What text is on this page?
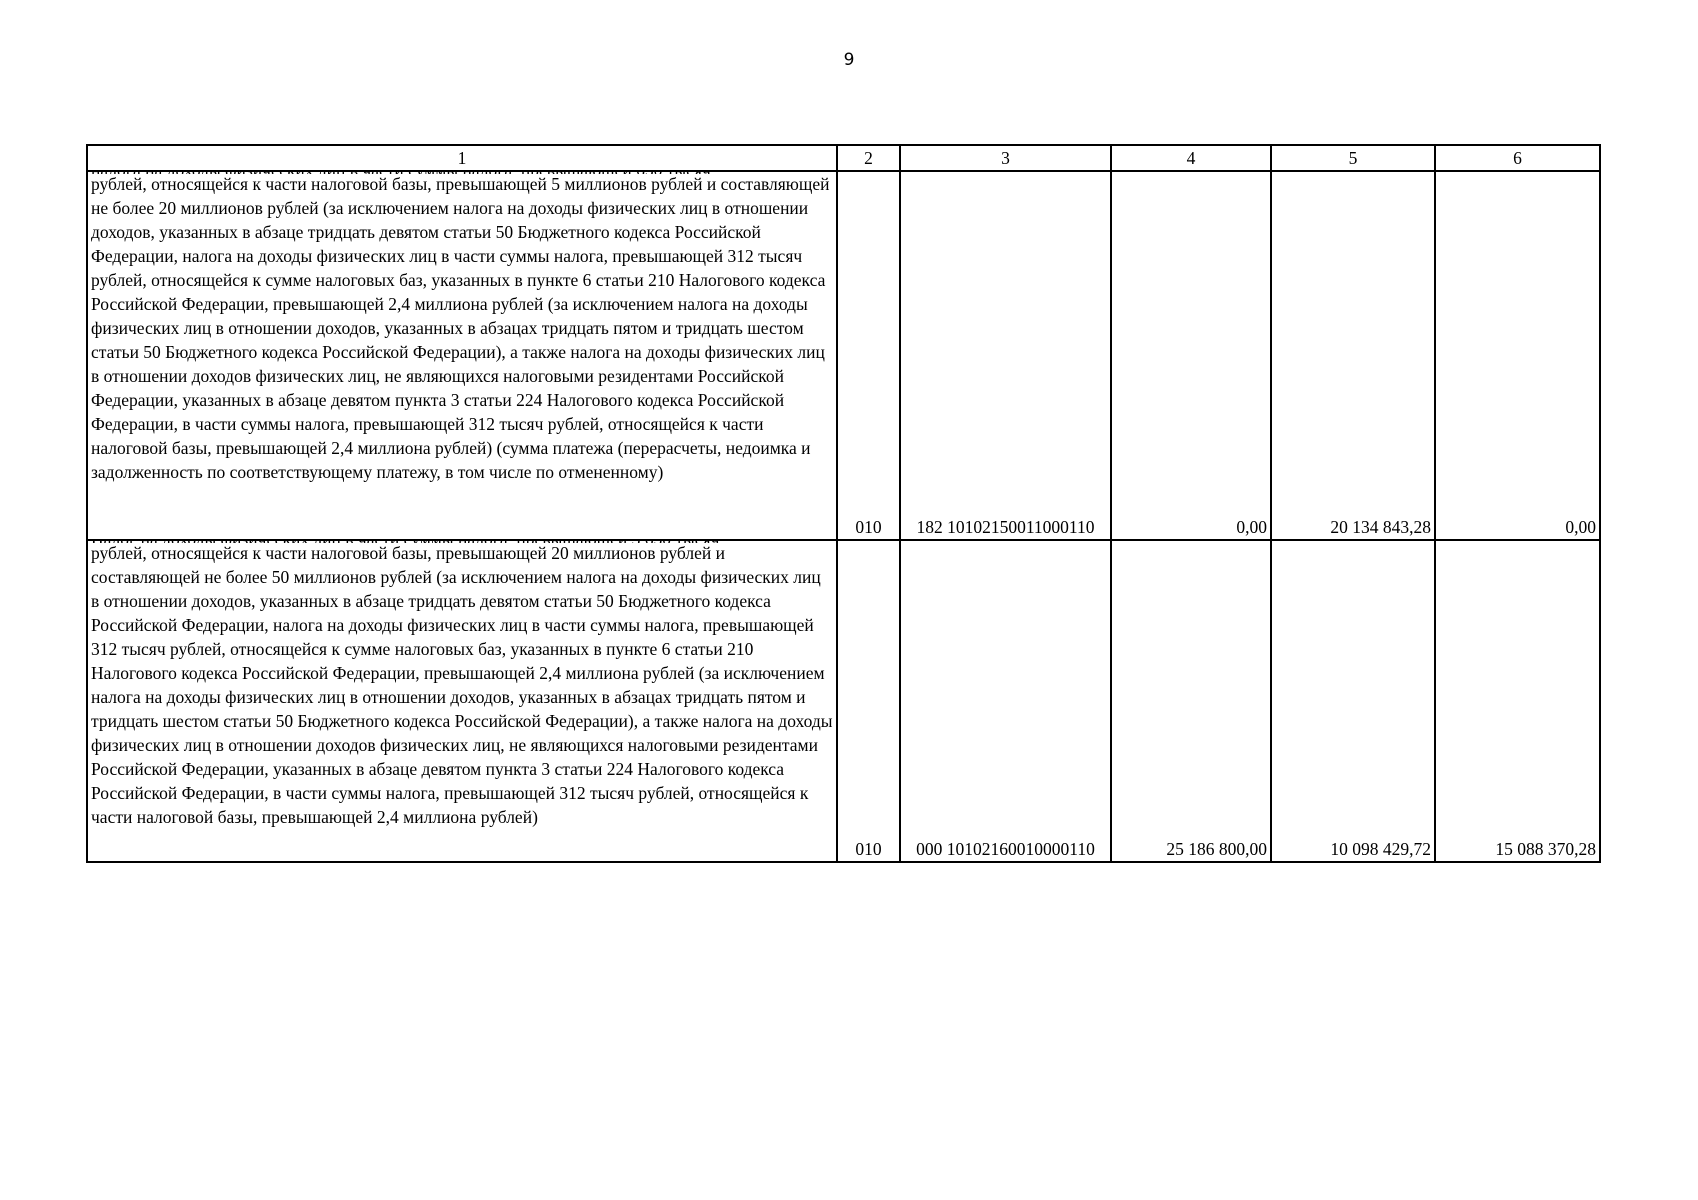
9
1	2	3	4	5	6

рублей, относящейся к части налоговой базы, превышающей 5 миллионов рублей и составляющей не более 20 миллионов рублей (за исключением налога на доходы физических лиц в отношении доходов, указанных в абзаце тридцать девятом статьи 50 Бюджетного кодекса Российской Федерации, налога на доходы физических лиц в части суммы налога, превышающей 312 тысяч рублей, относящейся к сумме налоговых баз, указанных в пункте 6 статьи 210 Налогового кодекса Российской Федерации, превышающей 2,4 миллиона рублей (за исключением налога на доходы физических лиц в отношении доходов, указанных в абзацах тридцать пятом и тридцать шестом статьи 50 Бюджетного кодекса Российской Федерации), а также налога на доходы физических лиц в отношении доходов физических лиц, не являющихся налоговыми резидентами Российской Федерации, указанных в абзаце девятом пункта 3 статьи 224 Налогового кодекса Российской Федерации, в части суммы налога, превышающей 312 тысяч рублей, относящейся к части налоговой базы, превышающей 2,4 миллиона рублей) (сумма платежа (перерасчеты, недоимка и задолженность по соответствующему платежу, в том числе по отмененному)	010	182 10102150011000110	0,00	20 134 843,28	0,00

рублей, относящейся к части налоговой базы, превышающей 20 миллионов рублей и составляющей не более 50 миллионов рублей (за исключением налога на доходы физических лиц в отношении доходов, указанных в абзаце тридцать девятом статьи 50 Бюджетного кодекса Российской Федерации, налога на доходы физических лиц в части суммы налога, превышающей 312 тысяч рублей, относящейся к сумме налоговых баз, указанных в пункте 6 статьи 210 Налогового кодекса Российской Федерации, превышающей 2,4 миллиона рублей (за исключением налога на доходы физических лиц в отношении доходов, указанных в абзацах тридцать пятом и тридцать шестом статьи 50 Бюджетного кодекса Российской Федерации), а также налога на доходы физических лиц в отношении доходов физических лиц, не являющихся налоговыми резидентами Российской Федерации, указанных в абзаце девятом пункта 3 статьи 224 Налогового кодекса Российской Федерации, в части суммы налога, превышающей 312 тысяч рублей, относящейся к части налоговой базы, превышающей 2,4 миллиона рублей)	010	000 10102160010000110	25 186 800,00	10 098 429,72	15 088 370,28
